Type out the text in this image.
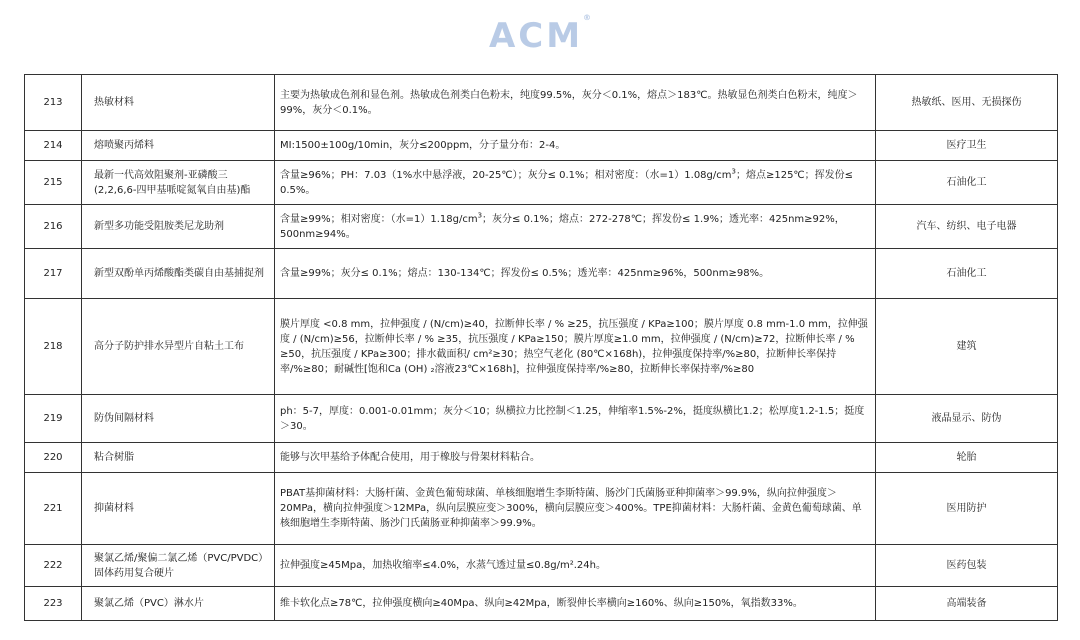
ACM®
213	热敏材料	主要为热敏成色剂和显色剂。热敏成色剂类白色粉末，纯度99.5%，灰分＜0.1%，熔点＞183℃。热敏显色剂类白色粉末，纯度＞99%，灰分＜0.1%。	热敏纸、医用、无损探伤
214	熔喷聚丙烯料	MI:1500±100g/10min，灰分≤200ppm，分子量分布：2-4。	医疗卫生
215	最新一代高效阻聚剂-亚磷酸三(2,2,6,6-四甲基哌啶氮氧自由基)酯	含量≥96%；PH：7.03（1%水中悬浮液，20-25℃）；灰分≤ 0.1%；相对密度：（水$=1)1.08g/cm^3$；熔点≥125℃；挥发份≤ 0.5%。	石油化工
216	新型多功能受阻胺类尼龙助剂	含量≥99%；相对密度：（水$=1)1.18g/cm^3$；灰分≤ 0.1%；熔点：272-278℃；挥发份≤ 1.9%；透光率：425nm≥92%，500nm≥94%。	汽车、纺织、电子电器
217	新型双酚单丙烯酸酯类碳自由基捕捉剂	含量≥99%；灰分≤ 0.1%；熔点：130-134℃；挥发份≤ 0.5%；透光率：425nm≥96%，500nm≥98%。	石油化工
218	高分子防护排水异型片自粘土工布	膜片厚度 <0.8 mm，拉伸强度 / (N/cm)≥40，拉断伸长率 / % ≥25，抗压强度 / KPa≥100；膜片厚度 0.8 mm-1.0 mm，拉伸强度 / (N/cm)≥56，拉断伸长率 / % ≥35，抗压强度 / KPa≥150；膜片厚度≥1.0 mm，拉伸强度 / (N/cm)≥72，拉断伸长率 / % ≥50，抗压强度 / KPa≥300；排水截面积/ cm²≥30；热空气老化 (80℃×168h)，拉伸强度保持率/%≥80，拉断伸长率保持率/%≥80；耐碱性[饱和Ca (OH) ₂溶液23℃×168h]，拉伸强度保持率/%≥80，拉断伸长率保持率/%≥80	建筑
219	防伪间隔材料	ph：5-7，厚度：0.001-0.01mm；灰分＜10；纵横拉力比控制＜1.25，伸缩率1.5%-2%，挺度纵横比1.2；松厚度1.2-1.5；挺度＞30。	液晶显示、防伪
220	粘合树脂	能够与次甲基给予体配合使用，用于橡胶与骨架材料粘合。	轮胎
221	抑菌材料	PBAT基抑菌材料：大肠杆菌、金黄色葡萄球菌、单核细胞增生李斯特菌、肠沙门氏菌肠亚种抑菌率＞99.9%，纵向拉伸强度＞20MPa，横向拉伸强度＞12MPa，纵向层膜应变＞300%，横向层膜应变＞400%。TPE抑菌材料：大肠杆菌、金黄色葡萄球菌、单核细胞增生李斯特菌、肠沙门氏菌肠亚种抑菌率＞99.9%。	医用防护
222	聚氯乙烯/聚偏二氯乙烯（PVC/PVDC）固体药用复合硬片	拉伸强度≥45Mpa，加热收缩率≤4.0%，水蒸气透过量≤0.8g/m².24h。	医药包装
223	聚氯乙烯（PVC）淋水片	维卡软化点≥78℃，拉伸强度横向≥40Mpa、纵向≥42Mpa，断裂伸长率横向≥160%、纵向≥150%，氧指数33%。	高端装备
